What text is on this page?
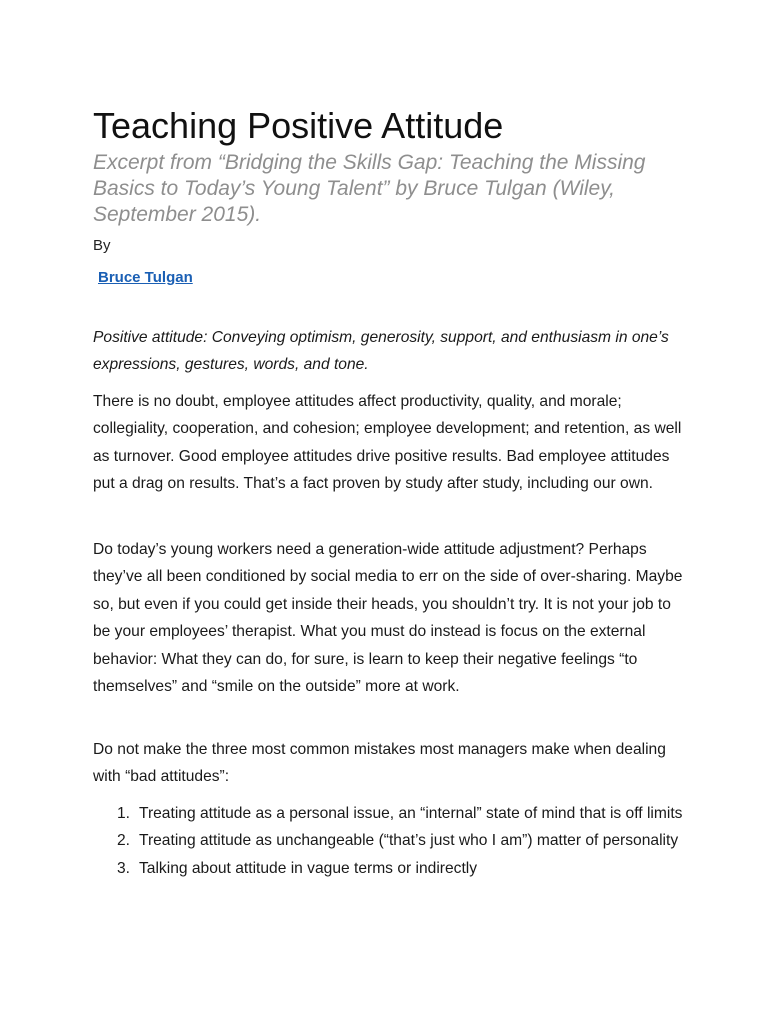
Teaching Positive Attitude

Excerpt from “Bridging the Skills Gap: Teaching the Missing Basics to Today’s Young Talent” by Bruce Tulgan (Wiley, September 2015).

By

Bruce Tulgan

Positive attitude: Conveying optimism, generosity, support, and enthusiasm in one’s expressions, gestures, words, and tone.

There is no doubt, employee attitudes affect productivity, quality, and morale; collegiality, cooperation, and cohesion; employee development; and retention, as well as turnover. Good employee attitudes drive positive results. Bad employee attitudes put a drag on results. That’s a fact proven by study after study, including our own.

Do today’s young workers need a generation-wide attitude adjustment? Perhaps they’ve all been conditioned by social media to err on the side of over-sharing. Maybe so, but even if you could get inside their heads, you shouldn’t try. It is not your job to be your employees’ therapist. What you must do instead is focus on the external behavior: What they can do, for sure, is learn to keep their negative feelings “to themselves” and “smile on the outside” more at work.

Do not make the three most common mistakes most managers make when dealing with “bad attitudes”:

1. Treating attitude as a personal issue, an “internal” state of mind that is off limits
2. Treating attitude as unchangeable (“that’s just who I am”) matter of personality
3. Talking about attitude in vague terms or indirectly
